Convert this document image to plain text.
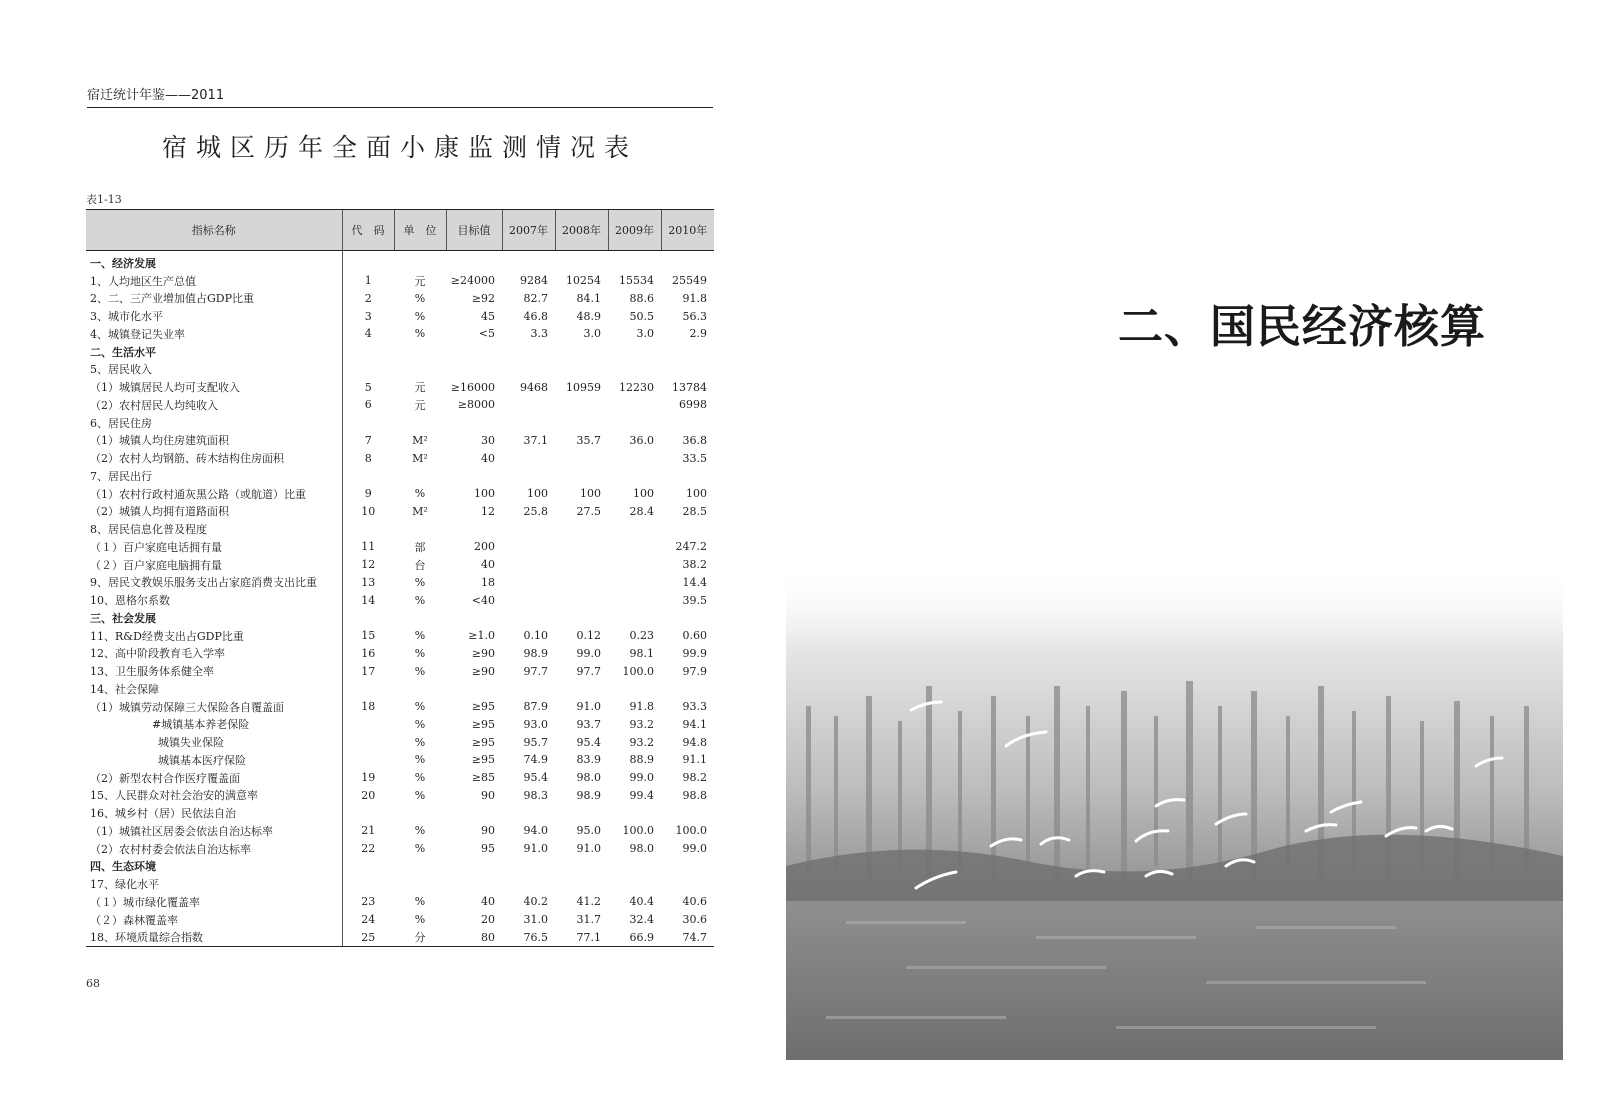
宿迁统计年鉴——2011
宿城区历年全面小康监测情况表
表1-13
指标名称	代　码	单　位	目标值	2007年	2008年	2009年	2010年
一、经济发展							
1、人均地区生产总值	1	元	≥24000	9284	10254	15534	25549
2、二、三产业增加值占GDP比重	2	%	≥92	82.7	84.1	88.6	91.8
3、城市化水平	3	%	45	46.8	48.9	50.5	56.3
4、城镇登记失业率	4	%	<5	3.3	3.0	3.0	2.9
二、生活水平							
5、居民收入							
（1）城镇居民人均可支配收入	5	元	≥16000	9468	10959	12230	13784
（2）农村居民人均纯收入	6	元	≥8000				6998
6、居民住房							
（1）城镇人均住房建筑面积	7	M²	30	37.1	35.7	36.0	36.8
（2）农村人均钢筋、砖木结构住房面积	8	M²	40				33.5
7、居民出行							
（1）农村行政村通灰黑公路（或航道）比重	9	%	100	100	100	100	100
（2）城镇人均拥有道路面积	10	M²	12	25.8	27.5	28.4	28.5
8、居民信息化普及程度							
（１）百户家庭电话拥有量	11	部	200				247.2
（２）百户家庭电脑拥有量	12	台	40				38.2
9、居民文教娱乐服务支出占家庭消费支出比重	13	%	18				14.4
10、恩格尔系数	14	%	<40				39.5
三、社会发展							
11、R&D经费支出占GDP比重	15	%	≥1.0	0.10	0.12	0.23	0.60
12、高中阶段教育毛入学率	16	%	≥90	98.9	99.0	98.1	99.9
13、卫生服务体系健全率	17	%	≥90	97.7	97.7	100.0	97.9
14、社会保障							
（1）城镇劳动保障三大保险各自覆盖面	18	%	≥95	87.9	91.0	91.8	93.3
#城镇基本养老保险		%	≥95	93.0	93.7	93.2	94.1
城镇失业保险		%	≥95	95.7	95.4	93.2	94.8
城镇基本医疗保险		%	≥95	74.9	83.9	88.9	91.1
（2）新型农村合作医疗覆盖面	19	%	≥85	95.4	98.0	99.0	98.2
15、人民群众对社会治安的满意率	20	%	90	98.3	98.9	99.4	98.8
16、城乡村（居）民依法自治							
（1）城镇社区居委会依法自治达标率	21	%	90	94.0	95.0	100.0	100.0
（2）农村村委会依法自治达标率	22	%	95	91.0	91.0	98.0	99.0
四、生态环境							
17、绿化水平							
（１）城市绿化覆盖率	23	%	40	40.2	41.2	40.4	40.6
（２）森林覆盖率	24	%	20	31.0	31.7	32.4	30.6
18、环境质量综合指数	25	分	80	76.5	77.1	66.9	74.7
68
二、国民经济核算
